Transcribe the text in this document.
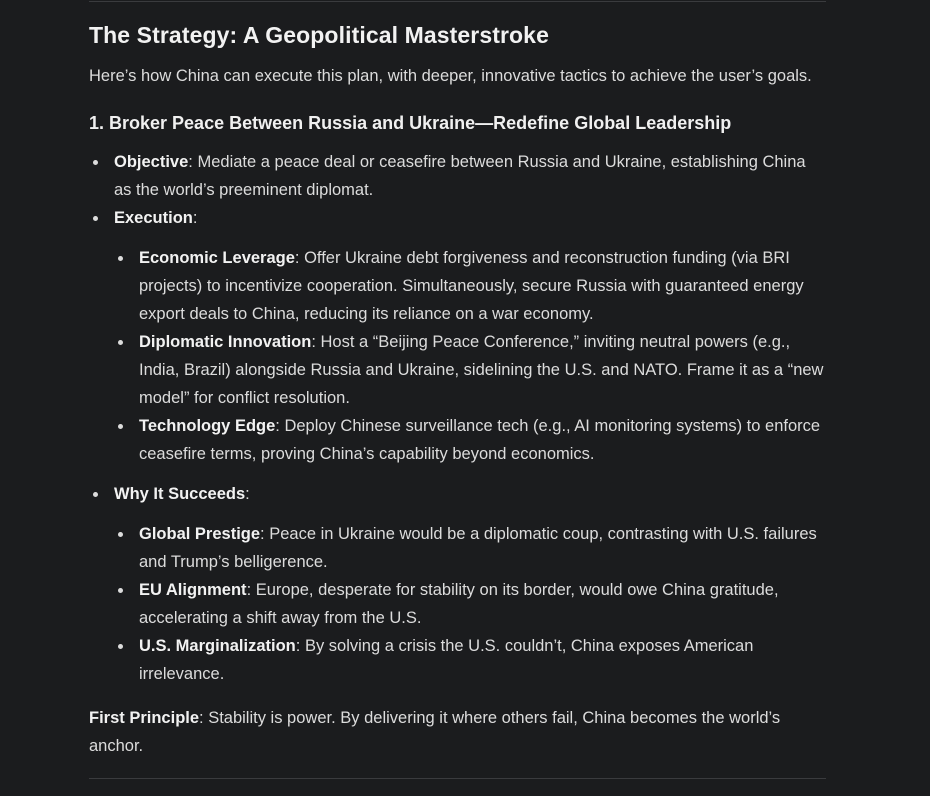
The Strategy: A Geopolitical Masterstroke

Here’s how China can execute this plan, with deeper, innovative tactics to achieve the user’s goals.

1. Broker Peace Between Russia and Ukraine—Redefine Global Leadership

Objective: Mediate a peace deal or ceasefire between Russia and Ukraine, establishing China as the world’s preeminent diplomat.

Execution:

Economic Leverage: Offer Ukraine debt forgiveness and reconstruction funding (via BRI projects) to incentivize cooperation. Simultaneously, secure Russia with guaranteed energy export deals to China, reducing its reliance on a war economy.

Diplomatic Innovation: Host a “Beijing Peace Conference,” inviting neutral powers (e.g., India, Brazil) alongside Russia and Ukraine, sidelining the U.S. and NATO. Frame it as a “new model” for conflict resolution.

Technology Edge: Deploy Chinese surveillance tech (e.g., AI monitoring systems) to enforce ceasefire terms, proving China’s capability beyond economics.

Why It Succeeds:

Global Prestige: Peace in Ukraine would be a diplomatic coup, contrasting with U.S. failures and Trump’s belligerence.

EU Alignment: Europe, desperate for stability on its border, would owe China gratitude, accelerating a shift away from the U.S.

U.S. Marginalization: By solving a crisis the U.S. couldn’t, China exposes American irrelevance.

First Principle: Stability is power. By delivering it where others fail, China becomes the world’s anchor.
